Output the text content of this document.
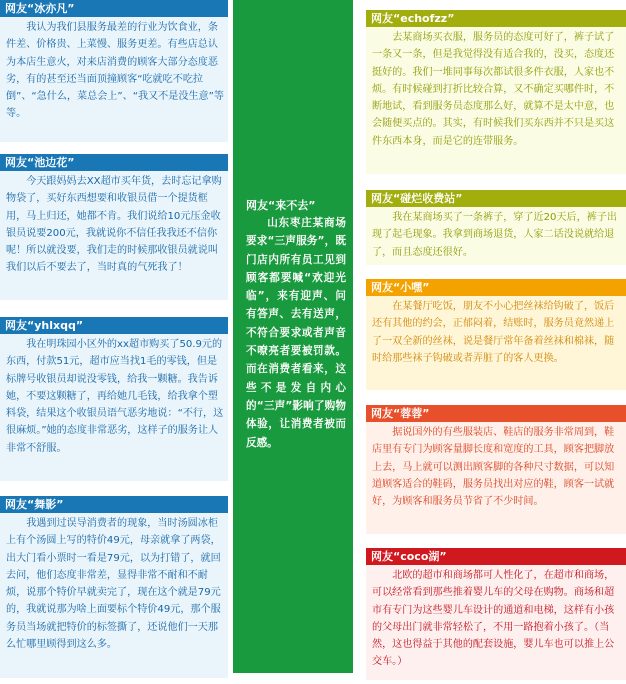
网友“冰亦凡”
我认为我们县服务最差的行业为饮食业，条件差、价格贵、上菜慢、服务更差。有些店总认为本店生意火，对来店消费的顾客大部分态度恶劣，有的甚至还当面顶撞顾客“吃就吃不吃拉倒”、“急什么，菜总会上”、“我又不是没生意”等等。
网友“池边花”
今天跟妈妈去XX超市买年货，去时忘记拿购物袋了，买好东西想要和收银员借一个提货框用，马上归还，她都不肯。我们说给10元压金收银员说要200元，我就说你不信任我我还不信你呢！所以就没要，我们走的时候那收银员就说叫我们以后不要去了，当时真的气死我了！
网友“yhlxqq”
我在明珠园小区外的xx超市购买了50.9元的东西，付款51元，超市应当找1毛的零钱，但是标牌号收银员却说没零钱，给我一颗糖。我告诉她，不要这颗糖了，再给她几毛钱，给我拿个塑料袋，结果这个收银员语气恶劣地说：“不行，这很麻烦。”她的态度非常恶劣，这样子的服务让人非常不舒服。
网友“舞影”
我遇到过误导消费者的现象，当时汤圆冰柜上有个汤圆上写的特价49元，母亲就拿了两袋，出大门看小票时一看是79元，以为打错了，就回去问，他们态度非常差，显得非常不耐和不耐烦，说那个特价早就卖完了，现在这个就是79元的，我就说那为啥上面要标个特价49元，那个服务员当场就把特价的标签撕了，还说他们一天那么忙哪里顾得到这么多。
网友“来不去”
山东枣庄某商场要求“三声服务”，既门店内所有员工见到顾客都要喊“欢迎光临”，来有迎声、问有答声、去有送声，不符合要求或者声音不嘹亮者要被罚款。而在消费者看来，这些不是发自内心的“三声”影响了购物体验，让消费者被而反感。
网友“echofzz”
去某商场买衣服，服务员的态度可好了，裤子试了一条又一条，但是我觉得没有适合我的，没买，态度还挺好的。我们一堆同事每次都试很多件衣服，人家也不烦。有时候碰到打折比较合算，又不确定买哪件时，不断地试，看到服务员态度那么好，就算不是太中意，也会随便买点的。其实，有时候我们买东西并不只是买这件东西本身，而是它的连带服务。
网友“碰烂收费站”
我在某商场买了一条裤子，穿了近20天后，裤子出现了起毛现象。我拿到商场退货，人家二话没说就给退了，而且态度还很好。
网友“小嘿”
在某餐厅吃饭，朋友不小心把丝袜给钩破了，饭后还有其他的约会，正郁闷着，结账时，服务员竟然递上了一双全新的丝袜，说是餐厅常年备着丝袜和棉袜，随时给那些袜子钩破或者弄脏了的客人更换。
网友“蓉蓉”
据说国外的有些服装店、鞋店的服务非常周到，鞋店里有专门为顾客量脚长度和宽度的工具，顾客把脚放上去，马上就可以测出顾客脚的各种尺寸数据，可以知道顾客适合的鞋码，服务员找出对应的鞋，顾客一试就好，为顾客和服务员节省了不少时间。
网友“coco湖”
北欧的超市和商场都可人性化了，在超市和商场，可以经常看到那些推着婴儿车的父母在购物。商场和超市有专门为这些婴儿车设计的通道和电梯，这样有小孩的父母出门就非常轻松了，不用一路抱着小孩了。（当然，这也得益于其他的配套设施，婴儿车也可以推上公交车。）
